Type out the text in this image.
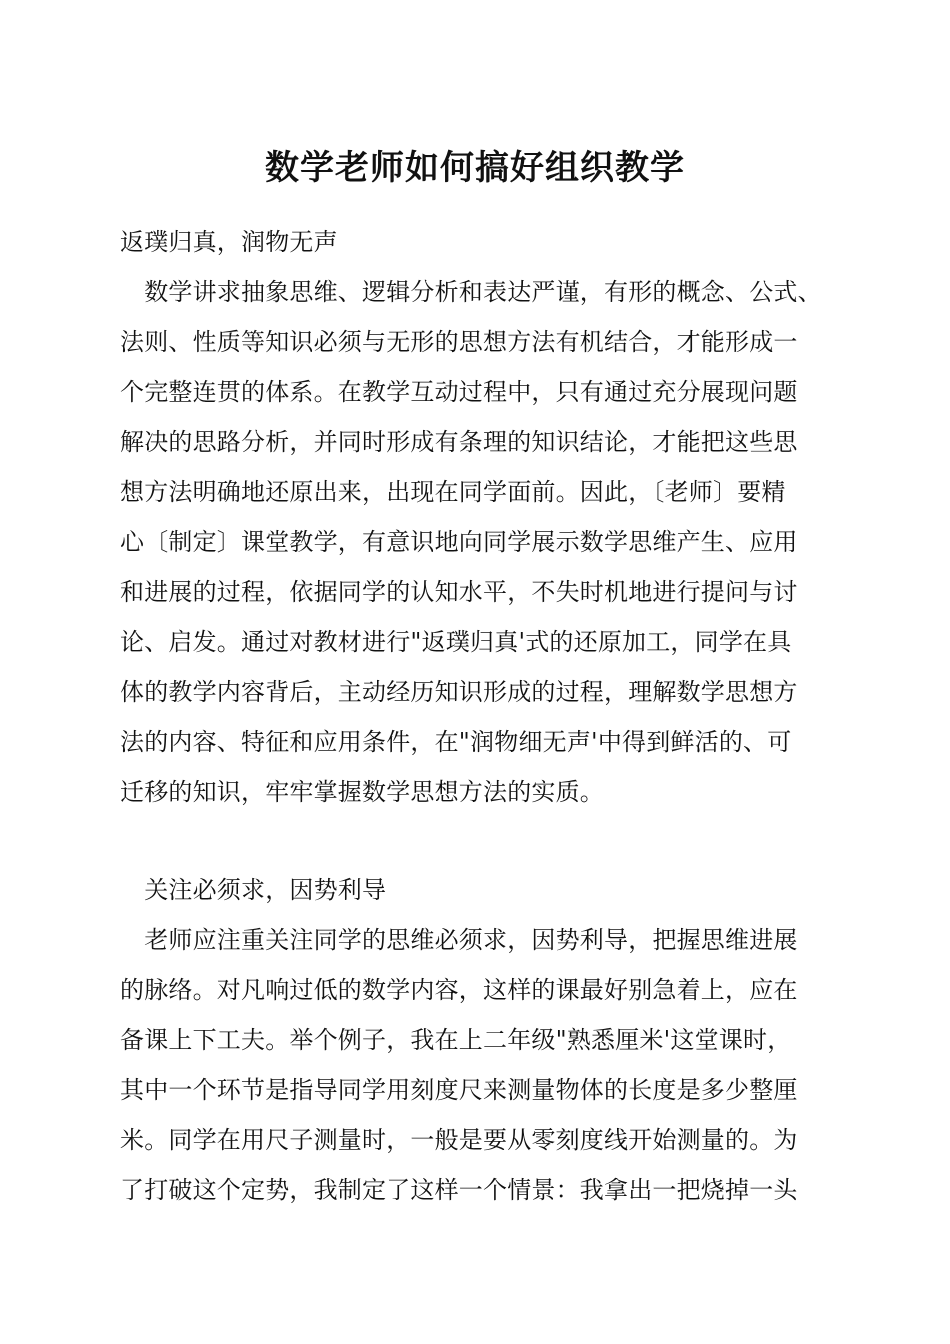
数学老师如何搞好组织教学
返璞归真，润物无声
　数学讲求抽象思维、逻辑分析和表达严谨，有形的概念、公式、
法则、性质等知识必须与无形的思想方法有机结合，才能形成一
个完整连贯的体系。在教学互动过程中，只有通过充分展现问题
解决的思路分析，并同时形成有条理的知识结论，才能把这些思
想方法明确地还原出来，出现在同学面前。因此，〔老师〕要精
心〔制定〕课堂教学，有意识地向同学展示数学思维产生、应用
和进展的过程，依据同学的认知水平，不失时机地进行提问与讨
论、启发。通过对教材进行"返璞归真'式的还原加工，同学在具
体的教学内容背后，主动经历知识形成的过程，理解数学思想方
法的内容、特征和应用条件，在"润物细无声'中得到鲜活的、可
迁移的知识，牢牢掌握数学思想方法的实质。
　关注必须求，因势利导
　老师应注重关注同学的思维必须求，因势利导，把握思维进展
的脉络。对凡响过低的数学内容，这样的课最好别急着上，应在
备课上下工夫。举个例子，我在上二年级"熟悉厘米'这堂课时，
其中一个环节是指导同学用刻度尺来测量物体的长度是多少整厘
米。同学在用尺子测量时，一般是要从零刻度线开始测量的。为
了打破这个定势，我制定了这样一个情景：我拿出一把烧掉一头
